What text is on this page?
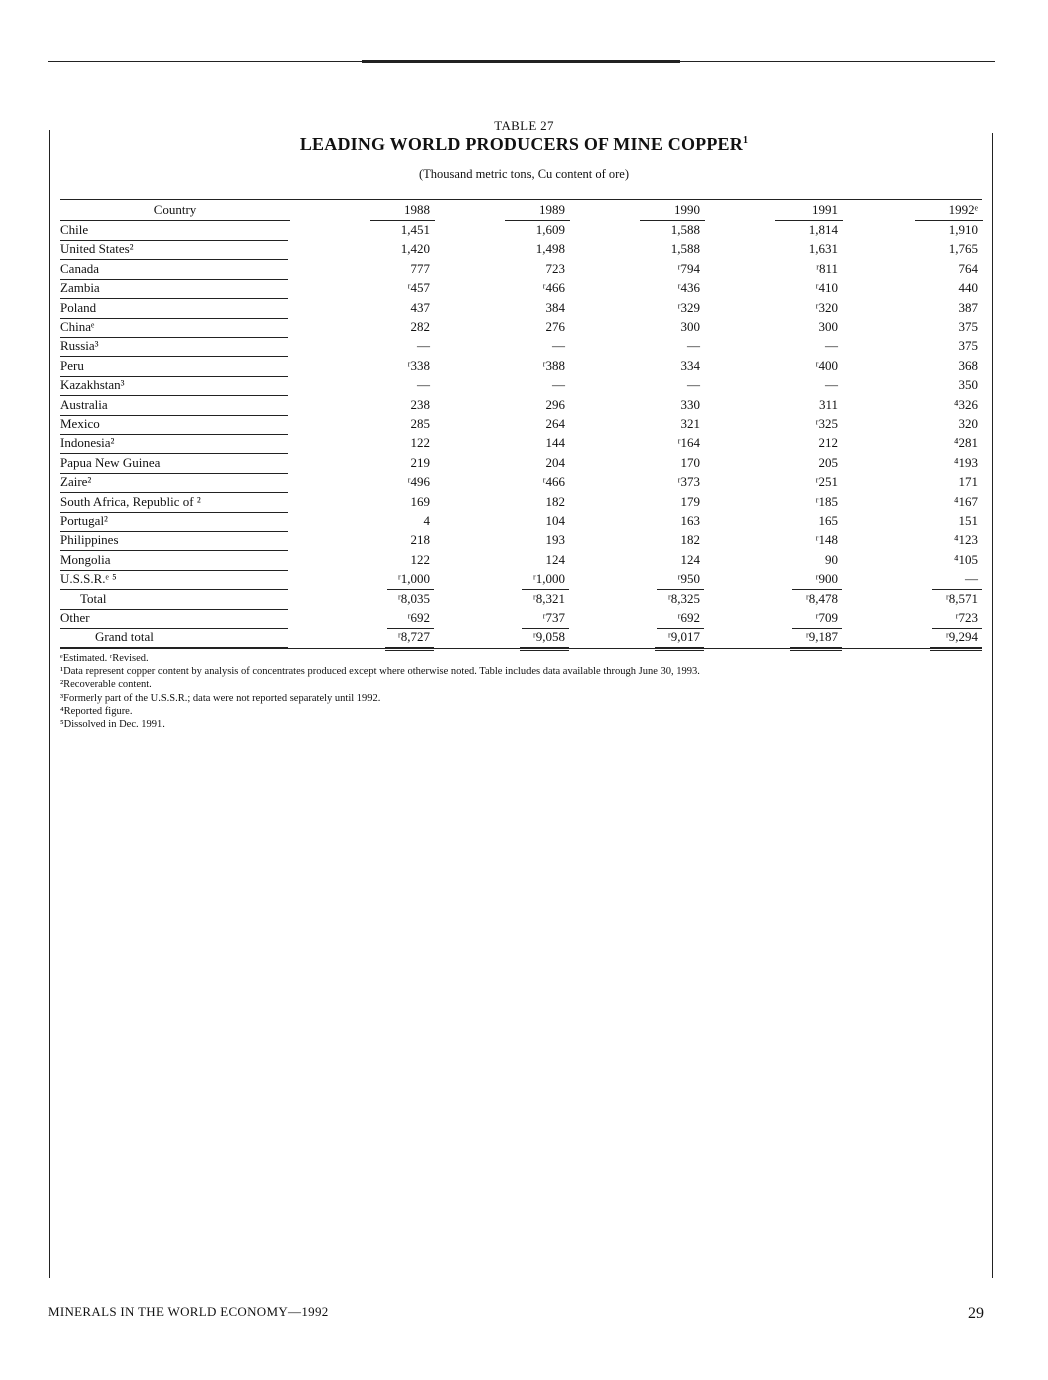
TABLE 27
LEADING WORLD PRODUCERS OF MINE COPPER$^1$
(Thousand metric tons, Cu content of ore)
Country	1988	1989	1990	1991	1992ᵉ
Chile	1,451	1,609	1,588	1,814	1,910
United States²	1,420	1,498	1,588	1,631	1,765
Canada	777	723	ʳ794	ʳ811	764
Zambia	ʳ457	ʳ466	ʳ436	ʳ410	440
Poland	437	384	ʳ329	ʳ320	387
Chinaᵉ	282	276	300	300	375
Russia³	—	—	—	—	375
Peru	ʳ338	ʳ388	334	ʳ400	368
Kazakhstan³	—	—	—	—	350
Australia	238	296	330	311	⁴326
Mexico	285	264	321	ʳ325	320
Indonesia²	122	144	ʳ164	212	⁴281
Papua New Guinea	219	204	170	205	⁴193
Zaire²	ʳ496	ʳ466	ʳ373	ʳ251	171
South Africa, Republic of ²	169	182	179	ʳ185	⁴167
Portugal²	4	104	163	165	151
Philippines	218	193	182	ʳ148	⁴123
Mongolia	122	124	124	90	⁴105
U.S.S.R.ᵉ ⁵	ʳ1,000	ʳ1,000	ʳ950	ʳ900	—
Total	ʳ8,035	ʳ8,321	ʳ8,325	ʳ8,478	ʳ8,571
Other	ʳ692	ʳ737	ʳ692	ʳ709	ʳ723
Grand total	ʳ8,727	ʳ9,058	ʳ9,017	ʳ9,187	ʳ9,294
ᵉEstimated. ʳRevised.
¹Data represent copper content by analysis of concentrates produced except where otherwise noted. Table includes data available through June 30, 1993.
²Recoverable content.
³Formerly part of the U.S.S.R.; data were not reported separately until 1992.
⁴Reported figure.
⁵Dissolved in Dec. 1991.
MINERALS IN THE WORLD ECONOMY—1992	29
